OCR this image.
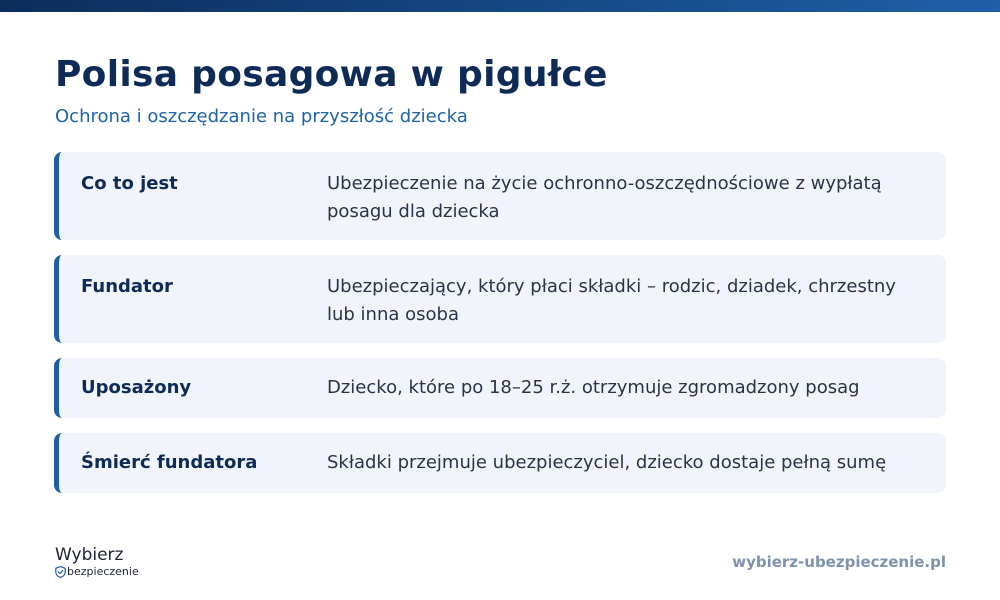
Polisa posagowa w pigułce

Ochrona i oszczędzanie na przyszłość dziecka

Co to jest	Ubezpieczenie na życie ochronno-oszczędnościowe z wypłatą posagu dla dziecka
Fundator	Ubezpieczający, który płaci składki – rodzic, dziadek, chrzestny lub inna osoba
Uposażony	Dziecko, które po 18–25 r.ż. otrzymuje zgromadzony posag
Śmierć fundatora	Składki przejmuje ubezpieczyciel, dziecko dostaje pełną sumę
Wybierz
bezpieczenie
wybierz-ubezpieczenie.pl
